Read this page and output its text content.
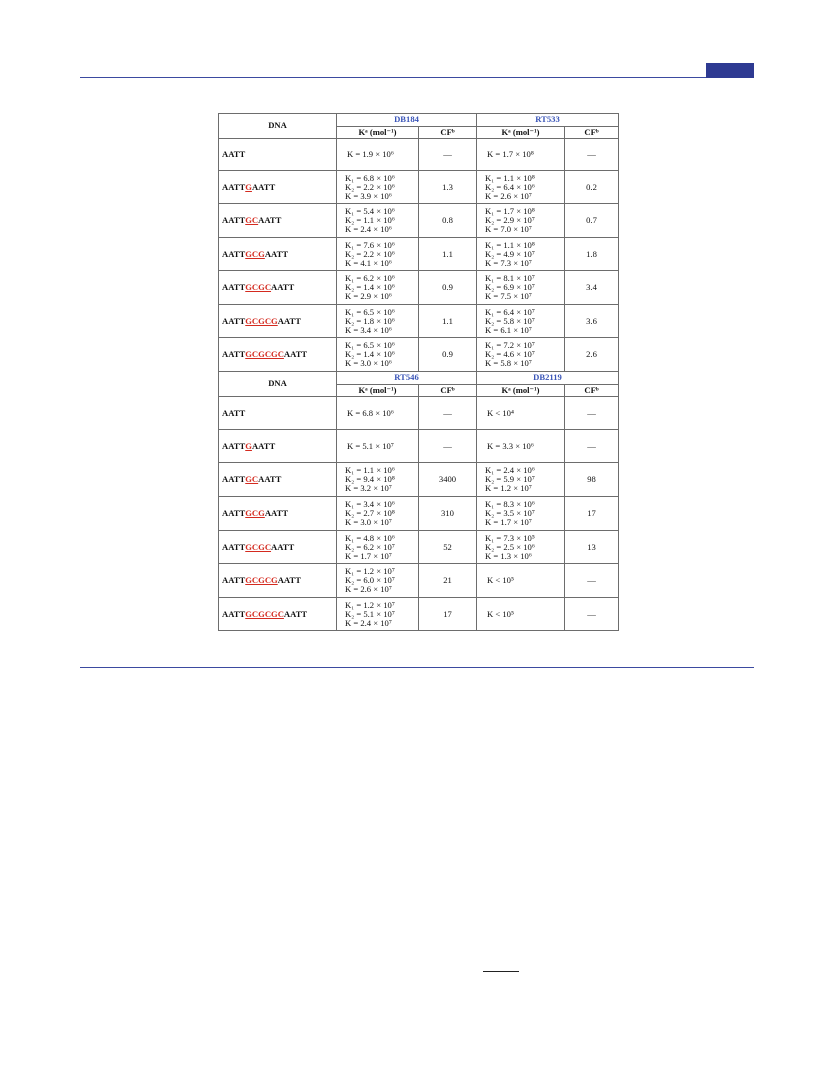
DNA	DB184		RT533	
	Kᵃ (mol⁻¹)	CFᵇ	Kᵃ (mol⁻¹)	CFᵇ
AATT	K = 1.9 × 10⁶	—	K = 1.7 × 10⁸	—
AATTGAATT	K₁ = 6.8 × 10⁶
K₂ = 2.2 × 10⁶
K = 3.9 × 10⁶	1.3	K₁ = 1.1 × 10⁸
K₂ = 6.4 × 10⁶
K = 2.6 × 10⁷	0.2
AATTGCAATT	K₁ = 5.4 × 10⁶
K₂ = 1.1 × 10⁶
K = 2.4 × 10⁶	0.8	K₁ = 1.7 × 10⁸
K₂ = 2.9 × 10⁷
K = 7.0 × 10⁷	0.7
AATTGCGAATT	K₁ = 7.6 × 10⁶
K₂ = 2.2 × 10⁶
K = 4.1 × 10⁶	1.1	K₁ = 1.1 × 10⁸
K₂ = 4.9 × 10⁷
K = 7.3 × 10⁷	1.8
AATTGCGCAATT	K₁ = 6.2 × 10⁶
K₂ = 1.4 × 10⁶
K = 2.9 × 10⁶	0.9	K₁ = 8.1 × 10⁷
K₂ = 6.9 × 10⁷
K = 7.5 × 10⁷	3.4
AATTGCGCGAATT	K₁ = 6.5 × 10⁶
K₂ = 1.8 × 10⁶
K = 3.4 × 10⁶	1.1	K₁ = 6.4 × 10⁷
K₂ = 5.8 × 10⁷
K = 6.1 × 10⁷	3.6
AATTGCGCGCAATT	K₁ = 6.5 × 10⁶
K₂ = 1.4 × 10⁶
K = 3.0 × 10⁶	0.9	K₁ = 7.2 × 10⁷
K₂ = 4.6 × 10⁷
K = 5.8 × 10⁷	2.6
DNA	RT546		DB2119	
	Kᵃ (mol⁻¹)	CFᵇ	Kᵃ (mol⁻¹)	CFᵇ
AATT	K = 6.8 × 10⁶	—	K < 10⁴	—
AATTGAATT	K = 5.1 × 10⁷	—	K = 3.3 × 10⁶	—
AATTGCAATT	K₁ = 1.1 × 10⁶
K₂ = 9.4 × 10⁸
K = 3.2 × 10⁷	3400	K₁ = 2.4 × 10⁶
K₂ = 5.9 × 10⁷
K = 1.2 × 10⁷	98
AATTGCGAATT	K₁ = 3.4 × 10⁶
K₂ = 2.7 × 10⁸
K = 3.0 × 10⁷	310	K₁ = 8.3 × 10⁶
K₂ = 3.5 × 10⁷
K = 1.7 × 10⁷	17
AATTGCGCAATT	K₁ = 4.8 × 10⁶
K₂ = 6.2 × 10⁷
K = 1.7 × 10⁷	52	K₁ = 7.3 × 10⁵
K₂ = 2.5 × 10⁶
K = 1.3 × 10⁶	13
AATTGCGCGAATT	K₁ = 1.2 × 10⁷
K₂ = 6.0 × 10⁷
K = 2.6 × 10⁷	21	K < 10⁵	—
AATTGCGCGCAATT	K₁ = 1.2 × 10⁷
K₂ = 5.1 × 10⁷
K = 2.4 × 10⁷	17	K < 10⁵	—
